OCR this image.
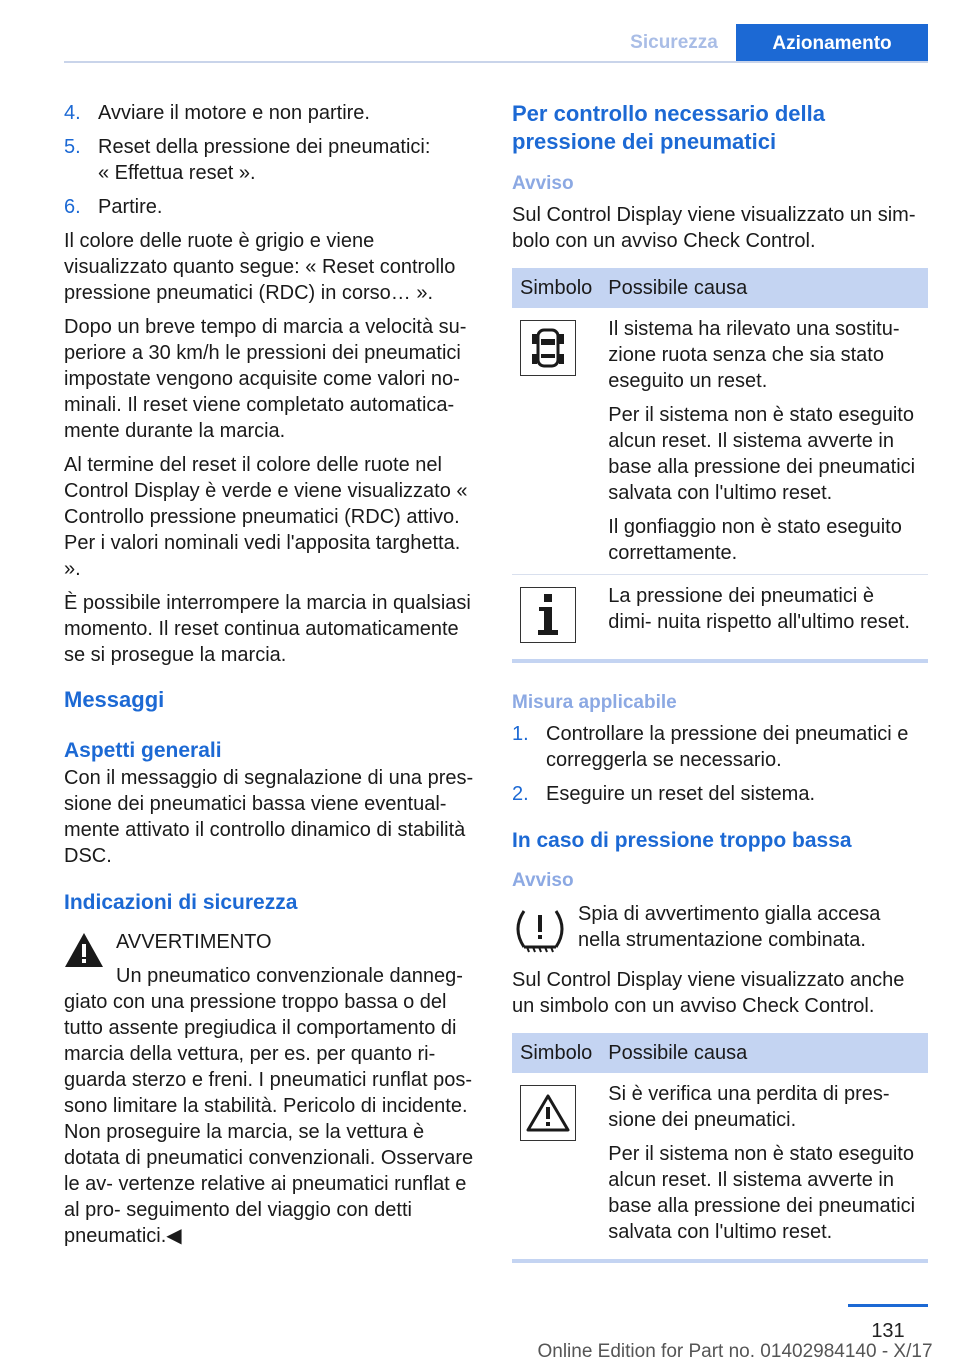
Sicurezza	Azionamento
4. Avviare il motore e non partire.
5. Reset della pressione dei pneumatici:
« Effettua reset ».
6. Partire.

Il colore delle ruote è grigio e viene visualizzato quanto segue: « Reset controllo pressione pneumatici (RDC) in corso… ».

Dopo un breve tempo di marcia a velocità su- periore a 30 km/h le pressioni dei pneumatici impostate vengono acquisite come valori no- minali. Il reset viene completato automatica- mente durante la marcia.

Al termine del reset il colore delle ruote nel Control Display è verde e viene visualizzato « Controllo pressione pneumatici (RDC) attivo. Per i valori nominali vedi l'apposita targhetta. ».

È possibile interrompere la marcia in qualsiasi momento. Il reset continua automaticamente se si prosegue la marcia.

Messaggi
Aspetti generali

Con il messaggio di segnalazione di una pres- sione dei pneumatici bassa viene eventual- mente attivato il controllo dinamico di stabilità DSC.

Indicazioni di sicurezza
AVVERTIMENTO
Un pneumatico convenzionale danneg-

giato con una pressione troppo bassa o del tutto assente pregiudica il comportamento di marcia della vettura, per es. per quanto ri- guarda sterzo e freni. I pneumatici runflat pos- sono limitare la stabilità. Pericolo di incidente. Non proseguire la marcia, se la vettura è dotata di pneumatici convenzionali. Osservare le av- vertenze relative ai pneumatici runflat e al pro- seguimento del viaggio con detti pneumatici.◀

Per controllo necessario della pressione dei pneumatici
Avviso

Sul Control Display viene visualizzato un sim- bolo con un avviso Check Control.

Simbolo	Possibile causa

Il sistema ha rilevato una sostitu- zione ruota senza che sia stato eseguito un reset.

Per il sistema non è stato eseguito alcun reset. Il sistema avverte in base alla pressione dei pneumatici salvata con l'ultimo reset.

Il gonfiaggio non è stato eseguito correttamente.

La pressione dei pneumatici è dimi- nuita rispetto all'ultimo reset.

Misura applicabile
1. Controllare la pressione dei pneumatici e correggerla se necessario.
2. Eseguire un reset del sistema.
In caso di pressione troppo bassa
Avviso
Spia di avvertimento gialla accesa nella strumentazione combinata.

Sul Control Display viene visualizzato anche un simbolo con un avviso Check Control.

Simbolo	Possibile causa

Si è verifica una perdita di pres- sione dei pneumatici.

Per il sistema non è stato eseguito alcun reset. Il sistema avverte in base alla pressione dei pneumatici salvata con l'ultimo reset.

131
Online Edition for Part no. 01402984140 - X/17
